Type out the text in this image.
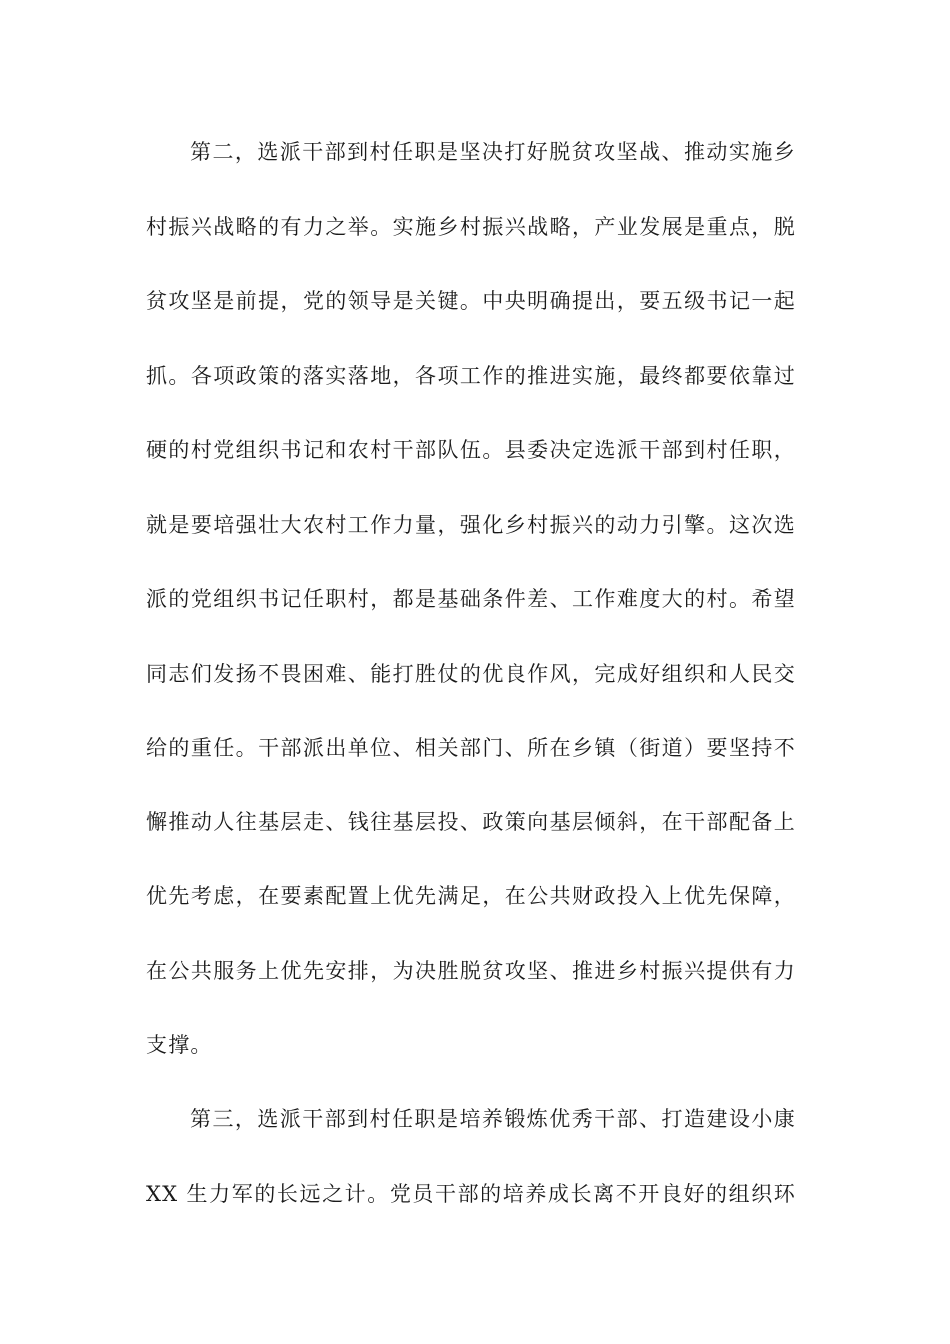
第二，选派干部到村任职是坚决打好脱贫攻坚战、推动实施乡
村振兴战略的有力之举。实施乡村振兴战略，产业发展是重点，脱
贫攻坚是前提，党的领导是关键。中央明确提出，要五级书记一起
抓。各项政策的落实落地，各项工作的推进实施，最终都要依靠过
硬的村党组织书记和农村干部队伍。县委决定选派干部到村任职，
就是要培强壮大农村工作力量，强化乡村振兴的动力引擎。这次选
派的党组织书记任职村，都是基础条件差、工作难度大的村。希望
同志们发扬不畏困难、能打胜仗的优良作风，完成好组织和人民交
给的重任。干部派出单位、相关部门、所在乡镇（街道）要坚持不
懈推动人往基层走、钱往基层投、政策向基层倾斜，在干部配备上
优先考虑，在要素配置上优先满足，在公共财政投入上优先保障，
在公共服务上优先安排，为决胜脱贫攻坚、推进乡村振兴提供有力
支撑。
第三，选派干部到村任职是培养锻炼优秀干部、打造建设小康
XX 生力军的长远之计。党员干部的培养成长离不开良好的组织环
